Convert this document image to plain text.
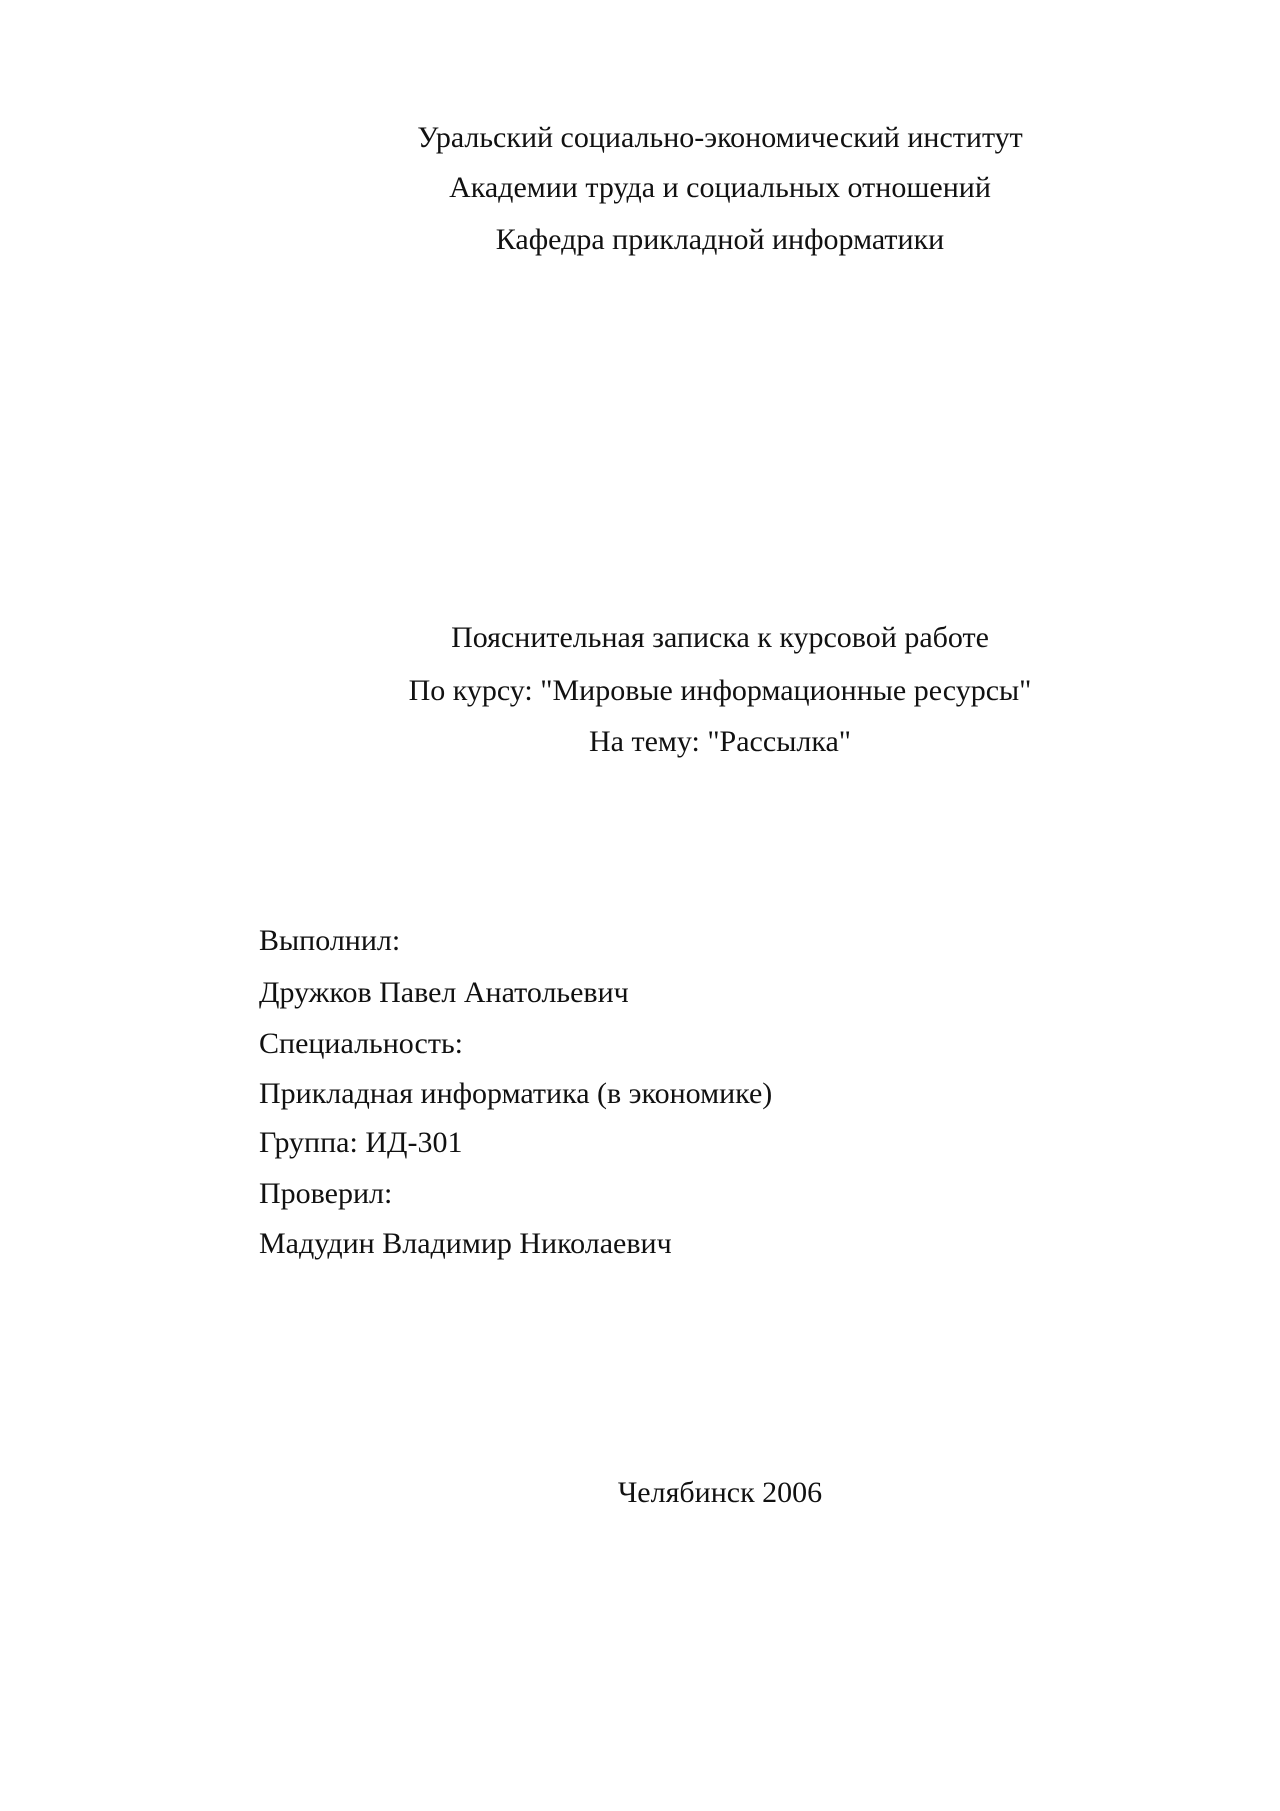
Уральский социально-экономический институт
Академии труда и социальных отношений
Кафедра прикладной информатики
Пояснительная записка к курсовой работе
По курсу: "Мировые информационные ресурсы"
На тему: "Рассылка"
Выполнил:
Дружков Павел Анатольевич
Специальность:
Прикладная информатика (в экономике)
Группа: ИД-301
Проверил:
Мадудин Владимир Николаевич
Челябинск 2006
